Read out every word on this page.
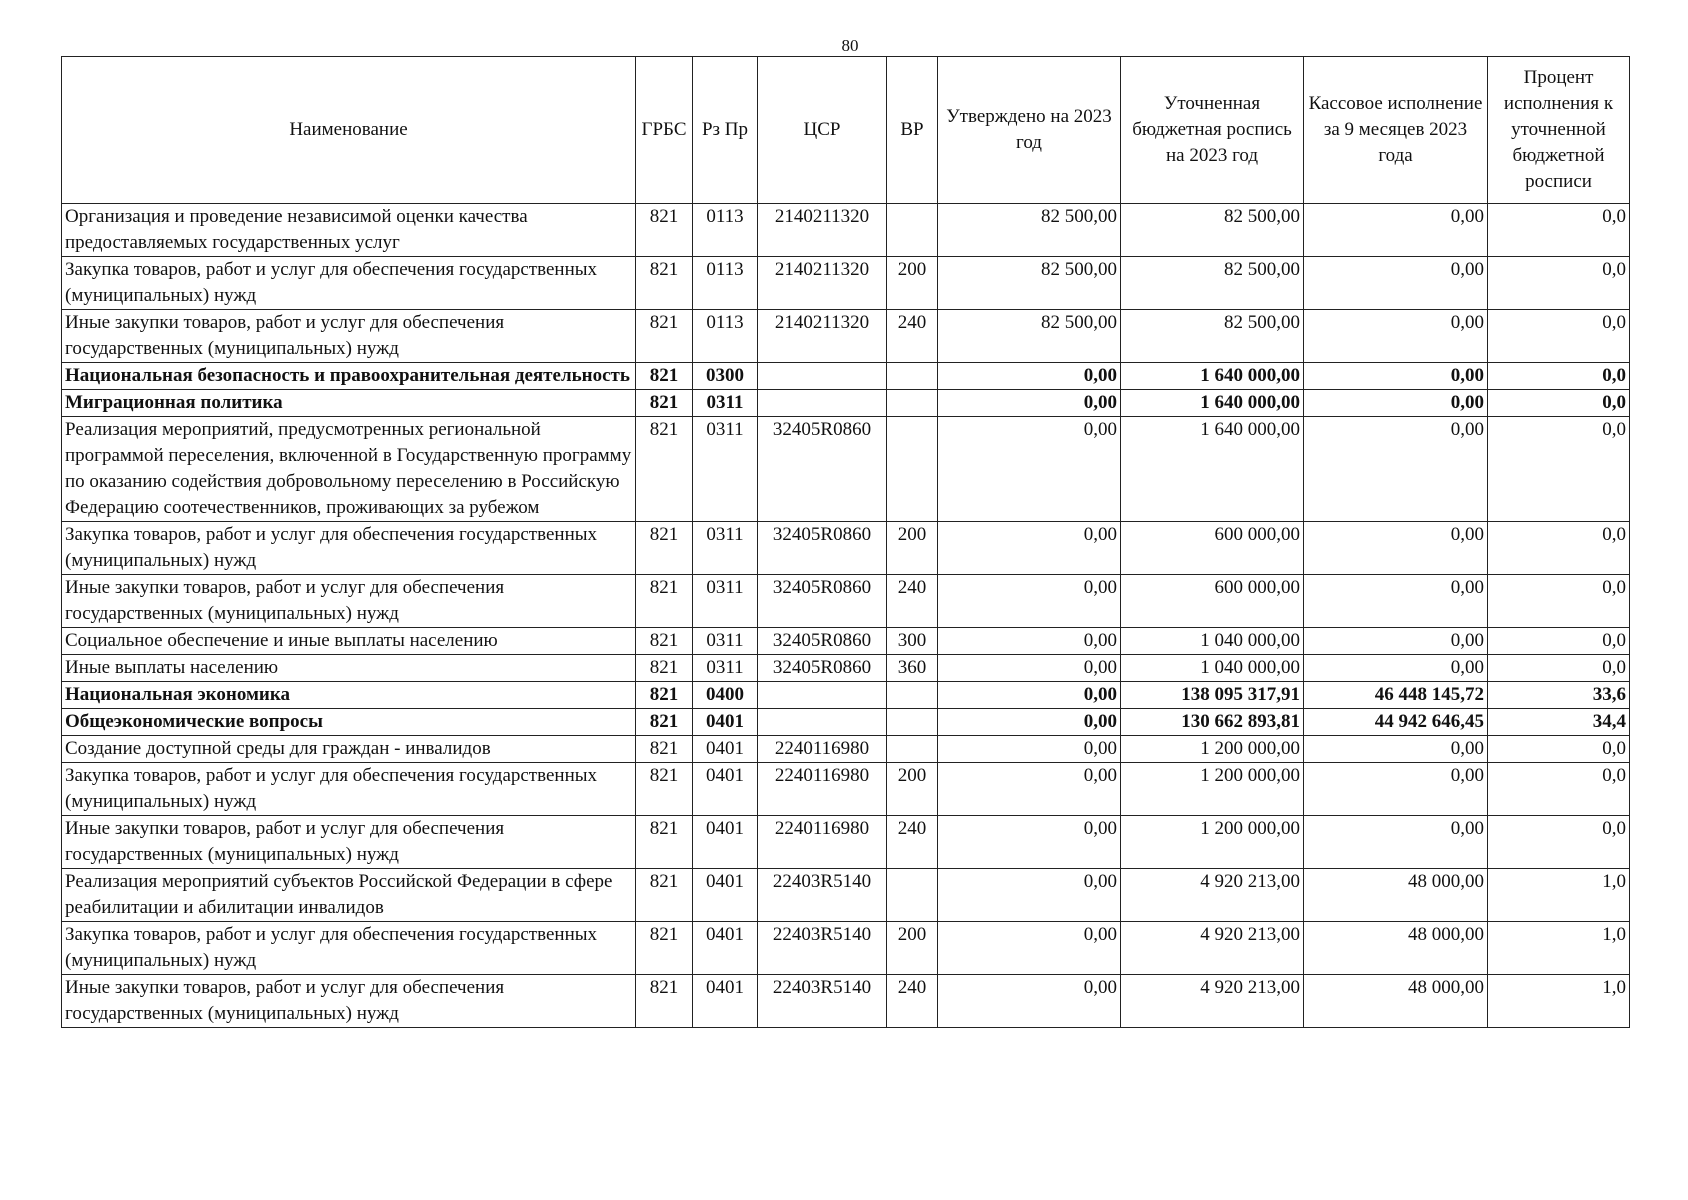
80
Наименование	ГРБС	Рз Пр	ЦСР	ВР	Утверждено на 2023 год	Уточненная бюджетная роспись на 2023 год	Кассовое исполнение за 9 месяцев 2023 года	Процент исполнения к уточненной бюджетной росписи
Организация и проведение независимой оценки качества предоставляемых государственных услуг	821	0113	2140211320		82 500,00	82 500,00	0,00	0,0
Закупка товаров, работ и услуг для обеспечения государственных (муниципальных) нужд	821	0113	2140211320	200	82 500,00	82 500,00	0,00	0,0
Иные закупки товаров, работ и услуг для обеспечения государственных (муниципальных) нужд	821	0113	2140211320	240	82 500,00	82 500,00	0,00	0,0
Национальная безопасность и правоохранительная деятельность	821	0300			0,00	1 640 000,00	0,00	0,0
Миграционная политика	821	0311			0,00	1 640 000,00	0,00	0,0
Реализация мероприятий, предусмотренных региональной программой переселения, включенной в Государственную программу по оказанию содействия добровольному переселению в Российскую Федерацию соотечественников, проживающих за рубежом	821	0311	32405R0860		0,00	1 640 000,00	0,00	0,0
Закупка товаров, работ и услуг для обеспечения государственных (муниципальных) нужд	821	0311	32405R0860	200	0,00	600 000,00	0,00	0,0
Иные закупки товаров, работ и услуг для обеспечения государственных (муниципальных) нужд	821	0311	32405R0860	240	0,00	600 000,00	0,00	0,0
Социальное обеспечение и иные выплаты населению	821	0311	32405R0860	300	0,00	1 040 000,00	0,00	0,0
Иные выплаты населению	821	0311	32405R0860	360	0,00	1 040 000,00	0,00	0,0
Национальная экономика	821	0400			0,00	138 095 317,91	46 448 145,72	33,6
Общеэкономические вопросы	821	0401			0,00	130 662 893,81	44 942 646,45	34,4
Создание доступной среды для граждан - инвалидов	821	0401	2240116980		0,00	1 200 000,00	0,00	0,0
Закупка товаров, работ и услуг для обеспечения государственных (муниципальных) нужд	821	0401	2240116980	200	0,00	1 200 000,00	0,00	0,0
Иные закупки товаров, работ и услуг для обеспечения государственных (муниципальных) нужд	821	0401	2240116980	240	0,00	1 200 000,00	0,00	0,0
Реализация мероприятий субъектов Российской Федерации в сфере реабилитации и абилитации инвалидов	821	0401	22403R5140		0,00	4 920 213,00	48 000,00	1,0
Закупка товаров, работ и услуг для обеспечения государственных (муниципальных) нужд	821	0401	22403R5140	200	0,00	4 920 213,00	48 000,00	1,0
Иные закупки товаров, работ и услуг для обеспечения государственных (муниципальных) нужд	821	0401	22403R5140	240	0,00	4 920 213,00	48 000,00	1,0
